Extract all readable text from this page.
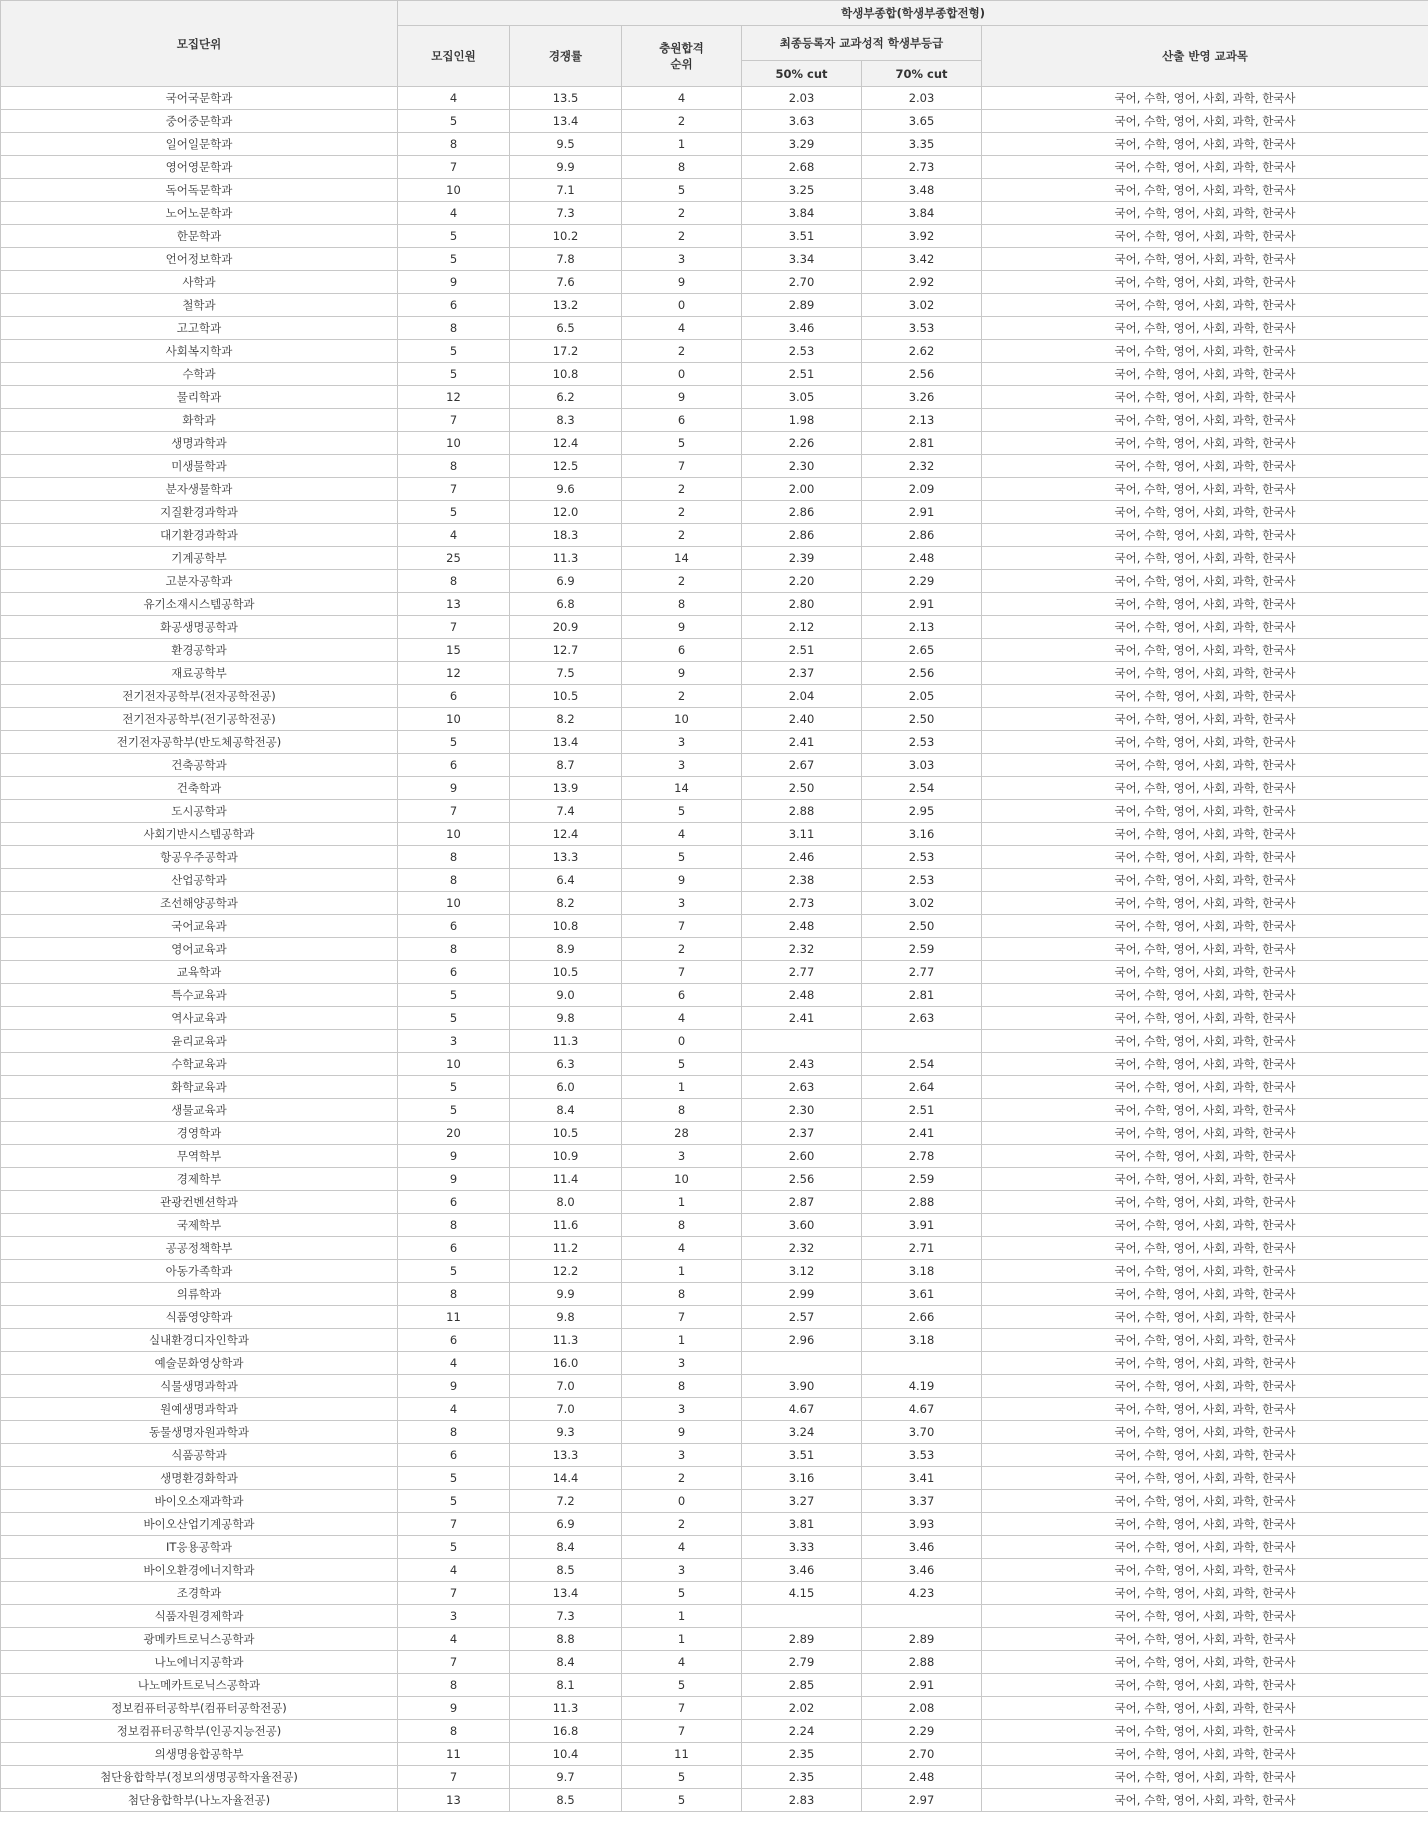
모집단위	학생부종합(학생부종합전형)					
	모집인원	경쟁률	충원합격
순위	최종등록자 교과성적 학생부등급		산출 반영 교과목
				50% cut	70% cut	
국어국문학과	4	13.5	4	2.03	2.03	국어, 수학, 영어, 사회, 과학, 한국사
중어중문학과	5	13.4	2	3.63	3.65	국어, 수학, 영어, 사회, 과학, 한국사
일어일문학과	8	9.5	1	3.29	3.35	국어, 수학, 영어, 사회, 과학, 한국사
영어영문학과	7	9.9	8	2.68	2.73	국어, 수학, 영어, 사회, 과학, 한국사
독어독문학과	10	7.1	5	3.25	3.48	국어, 수학, 영어, 사회, 과학, 한국사
노어노문학과	4	7.3	2	3.84	3.84	국어, 수학, 영어, 사회, 과학, 한국사
한문학과	5	10.2	2	3.51	3.92	국어, 수학, 영어, 사회, 과학, 한국사
언어정보학과	5	7.8	3	3.34	3.42	국어, 수학, 영어, 사회, 과학, 한국사
사학과	9	7.6	9	2.70	2.92	국어, 수학, 영어, 사회, 과학, 한국사
철학과	6	13.2	0	2.89	3.02	국어, 수학, 영어, 사회, 과학, 한국사
고고학과	8	6.5	4	3.46	3.53	국어, 수학, 영어, 사회, 과학, 한국사
사회복지학과	5	17.2	2	2.53	2.62	국어, 수학, 영어, 사회, 과학, 한국사
수학과	5	10.8	0	2.51	2.56	국어, 수학, 영어, 사회, 과학, 한국사
물리학과	12	6.2	9	3.05	3.26	국어, 수학, 영어, 사회, 과학, 한국사
화학과	7	8.3	6	1.98	2.13	국어, 수학, 영어, 사회, 과학, 한국사
생명과학과	10	12.4	5	2.26	2.81	국어, 수학, 영어, 사회, 과학, 한국사
미생물학과	8	12.5	7	2.30	2.32	국어, 수학, 영어, 사회, 과학, 한국사
분자생물학과	7	9.6	2	2.00	2.09	국어, 수학, 영어, 사회, 과학, 한국사
지질환경과학과	5	12.0	2	2.86	2.91	국어, 수학, 영어, 사회, 과학, 한국사
대기환경과학과	4	18.3	2	2.86	2.86	국어, 수학, 영어, 사회, 과학, 한국사
기계공학부	25	11.3	14	2.39	2.48	국어, 수학, 영어, 사회, 과학, 한국사
고분자공학과	8	6.9	2	2.20	2.29	국어, 수학, 영어, 사회, 과학, 한국사
유기소재시스템공학과	13	6.8	8	2.80	2.91	국어, 수학, 영어, 사회, 과학, 한국사
화공생명공학과	7	20.9	9	2.12	2.13	국어, 수학, 영어, 사회, 과학, 한국사
환경공학과	15	12.7	6	2.51	2.65	국어, 수학, 영어, 사회, 과학, 한국사
재료공학부	12	7.5	9	2.37	2.56	국어, 수학, 영어, 사회, 과학, 한국사
전기전자공학부(전자공학전공)	6	10.5	2	2.04	2.05	국어, 수학, 영어, 사회, 과학, 한국사
전기전자공학부(전기공학전공)	10	8.2	10	2.40	2.50	국어, 수학, 영어, 사회, 과학, 한국사
전기전자공학부(반도체공학전공)	5	13.4	3	2.41	2.53	국어, 수학, 영어, 사회, 과학, 한국사
건축공학과	6	8.7	3	2.67	3.03	국어, 수학, 영어, 사회, 과학, 한국사
건축학과	9	13.9	14	2.50	2.54	국어, 수학, 영어, 사회, 과학, 한국사
도시공학과	7	7.4	5	2.88	2.95	국어, 수학, 영어, 사회, 과학, 한국사
사회기반시스템공학과	10	12.4	4	3.11	3.16	국어, 수학, 영어, 사회, 과학, 한국사
항공우주공학과	8	13.3	5	2.46	2.53	국어, 수학, 영어, 사회, 과학, 한국사
산업공학과	8	6.4	9	2.38	2.53	국어, 수학, 영어, 사회, 과학, 한국사
조선해양공학과	10	8.2	3	2.73	3.02	국어, 수학, 영어, 사회, 과학, 한국사
국어교육과	6	10.8	7	2.48	2.50	국어, 수학, 영어, 사회, 과학, 한국사
영어교육과	8	8.9	2	2.32	2.59	국어, 수학, 영어, 사회, 과학, 한국사
교육학과	6	10.5	7	2.77	2.77	국어, 수학, 영어, 사회, 과학, 한국사
특수교육과	5	9.0	6	2.48	2.81	국어, 수학, 영어, 사회, 과학, 한국사
역사교육과	5	9.8	4	2.41	2.63	국어, 수학, 영어, 사회, 과학, 한국사
윤리교육과	3	11.3	0			국어, 수학, 영어, 사회, 과학, 한국사
수학교육과	10	6.3	5	2.43	2.54	국어, 수학, 영어, 사회, 과학, 한국사
화학교육과	5	6.0	1	2.63	2.64	국어, 수학, 영어, 사회, 과학, 한국사
생물교육과	5	8.4	8	2.30	2.51	국어, 수학, 영어, 사회, 과학, 한국사
경영학과	20	10.5	28	2.37	2.41	국어, 수학, 영어, 사회, 과학, 한국사
무역학부	9	10.9	3	2.60	2.78	국어, 수학, 영어, 사회, 과학, 한국사
경제학부	9	11.4	10	2.56	2.59	국어, 수학, 영어, 사회, 과학, 한국사
관광컨벤션학과	6	8.0	1	2.87	2.88	국어, 수학, 영어, 사회, 과학, 한국사
국제학부	8	11.6	8	3.60	3.91	국어, 수학, 영어, 사회, 과학, 한국사
공공정책학부	6	11.2	4	2.32	2.71	국어, 수학, 영어, 사회, 과학, 한국사
아동가족학과	5	12.2	1	3.12	3.18	국어, 수학, 영어, 사회, 과학, 한국사
의류학과	8	9.9	8	2.99	3.61	국어, 수학, 영어, 사회, 과학, 한국사
식품영양학과	11	9.8	7	2.57	2.66	국어, 수학, 영어, 사회, 과학, 한국사
실내환경디자인학과	6	11.3	1	2.96	3.18	국어, 수학, 영어, 사회, 과학, 한국사
예술문화영상학과	4	16.0	3			국어, 수학, 영어, 사회, 과학, 한국사
식물생명과학과	9	7.0	8	3.90	4.19	국어, 수학, 영어, 사회, 과학, 한국사
원예생명과학과	4	7.0	3	4.67	4.67	국어, 수학, 영어, 사회, 과학, 한국사
동물생명자원과학과	8	9.3	9	3.24	3.70	국어, 수학, 영어, 사회, 과학, 한국사
식품공학과	6	13.3	3	3.51	3.53	국어, 수학, 영어, 사회, 과학, 한국사
생명환경화학과	5	14.4	2	3.16	3.41	국어, 수학, 영어, 사회, 과학, 한국사
바이오소재과학과	5	7.2	0	3.27	3.37	국어, 수학, 영어, 사회, 과학, 한국사
바이오산업기계공학과	7	6.9	2	3.81	3.93	국어, 수학, 영어, 사회, 과학, 한국사
IT응용공학과	5	8.4	4	3.33	3.46	국어, 수학, 영어, 사회, 과학, 한국사
바이오환경에너지학과	4	8.5	3	3.46	3.46	국어, 수학, 영어, 사회, 과학, 한국사
조경학과	7	13.4	5	4.15	4.23	국어, 수학, 영어, 사회, 과학, 한국사
식품자원경제학과	3	7.3	1			국어, 수학, 영어, 사회, 과학, 한국사
광메카트로닉스공학과	4	8.8	1	2.89	2.89	국어, 수학, 영어, 사회, 과학, 한국사
나노에너지공학과	7	8.4	4	2.79	2.88	국어, 수학, 영어, 사회, 과학, 한국사
나노메카트로닉스공학과	8	8.1	5	2.85	2.91	국어, 수학, 영어, 사회, 과학, 한국사
정보컴퓨터공학부(컴퓨터공학전공)	9	11.3	7	2.02	2.08	국어, 수학, 영어, 사회, 과학, 한국사
정보컴퓨터공학부(인공지능전공)	8	16.8	7	2.24	2.29	국어, 수학, 영어, 사회, 과학, 한국사
의생명융합공학부	11	10.4	11	2.35	2.70	국어, 수학, 영어, 사회, 과학, 한국사
첨단융합학부(정보의생명공학자율전공)	7	9.7	5	2.35	2.48	국어, 수학, 영어, 사회, 과학, 한국사
첨단융합학부(나노자율전공)	13	8.5	5	2.83	2.97	국어, 수학, 영어, 사회, 과학, 한국사
